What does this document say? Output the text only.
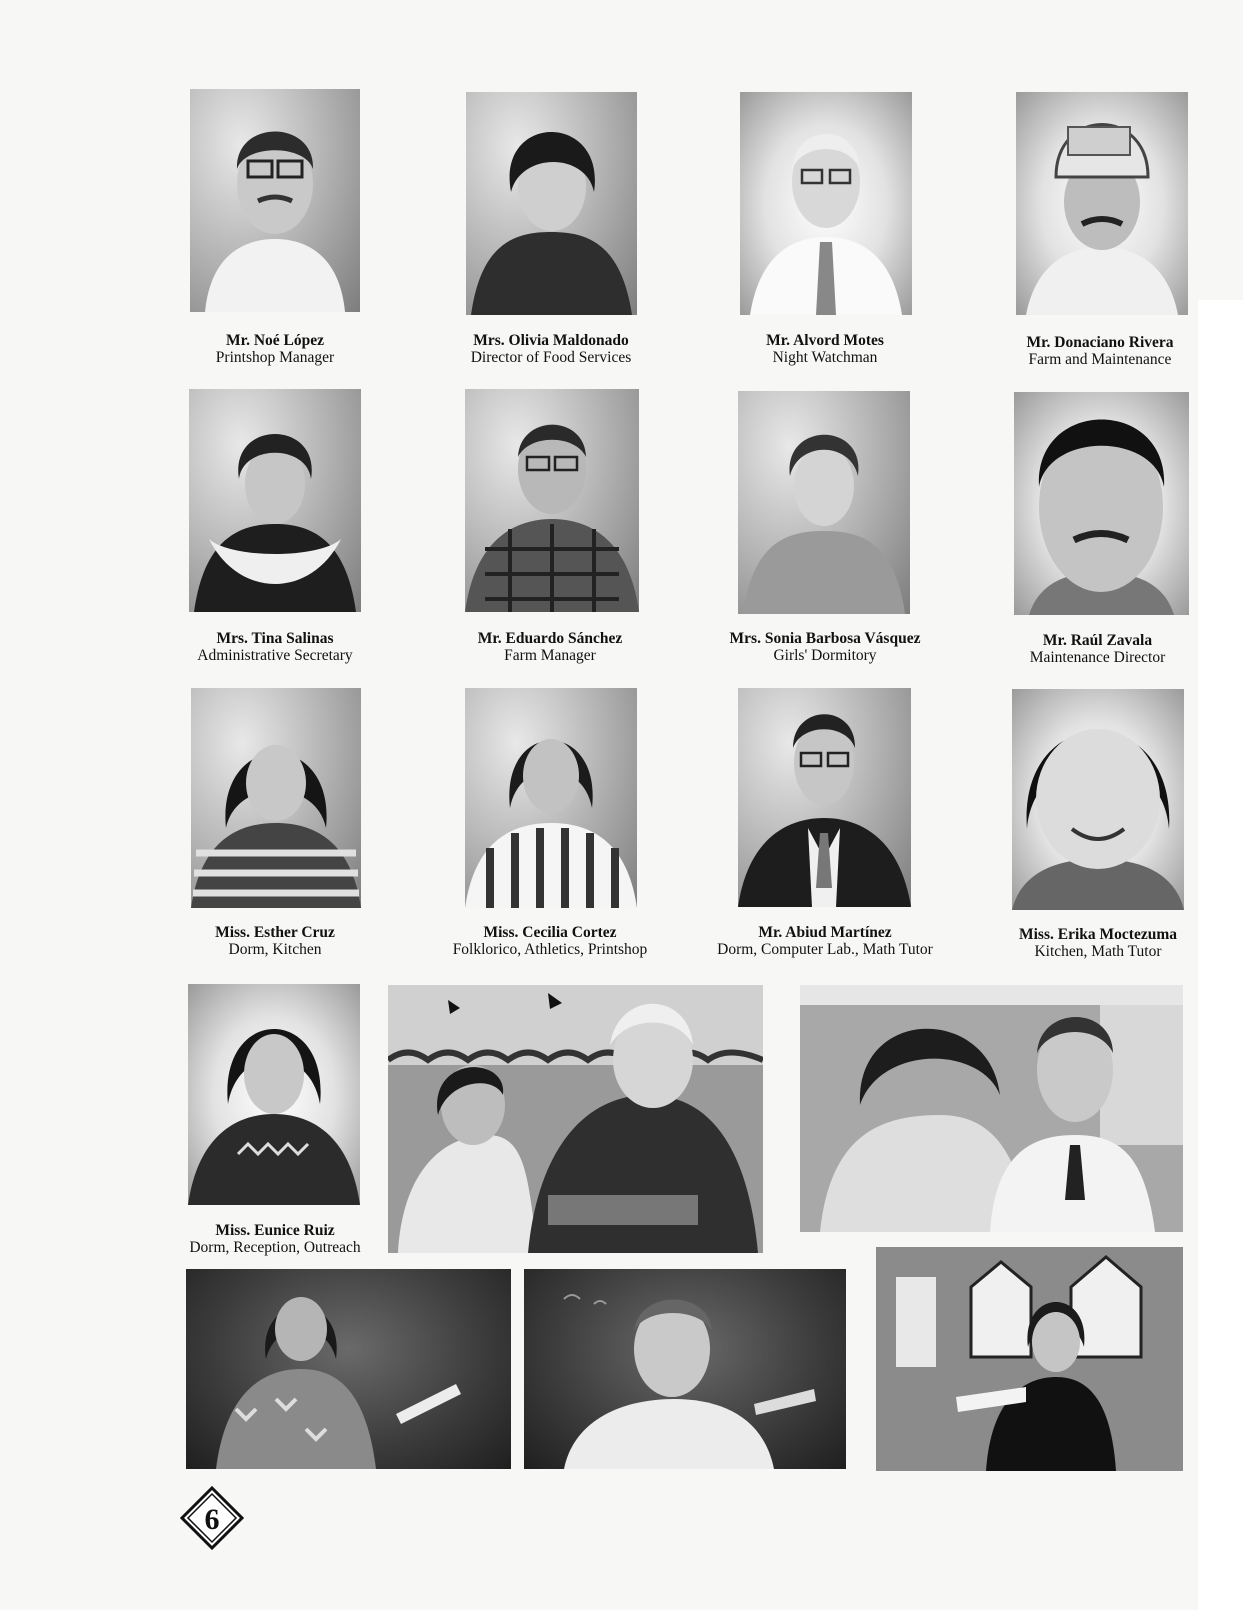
Mr. Noé López
Printshop Manager
Mrs. Olivia Maldonado
Director of Food Services
Mr. Alvord Motes
Night Watchman
Mr. Donaciano Rivera
Farm and Maintenance
Mrs. Tina Salinas
Administrative Secretary
Mr. Eduardo Sánchez
Farm Manager
Mrs. Sonia Barbosa Vásquez
Girls' Dormitory
Mr. Raúl Zavala
Maintenance Director
Miss. Esther Cruz
Dorm, Kitchen
Miss. Cecilia Cortez
Folklorico, Athletics, Printshop
Mr. Abiud Martínez
Dorm, Computer Lab., Math Tutor
Miss. Erika Moctezuma
Kitchen, Math Tutor
Miss. Eunice Ruiz
Dorm, Reception, Outreach
6
